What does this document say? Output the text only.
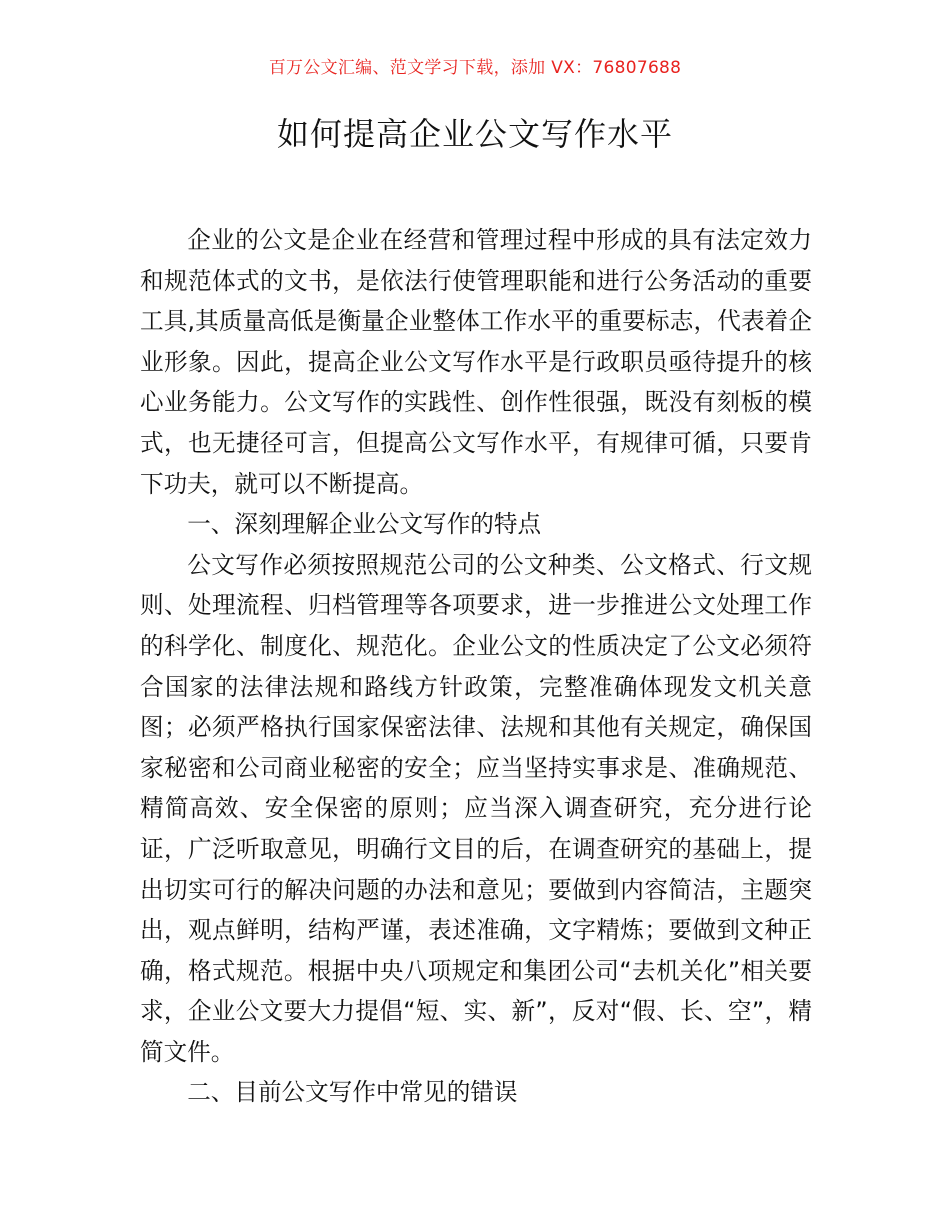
百万公文汇编、范文学习下载，添加 VX：76807688
如何提高企业公文写作水平

企业的公文是企业在经营和管理过程中形成的具有法定效力和规范体式的文书，是依法行使管理职能和进行公务活动的重要工具,其质量高低是衡量企业整体工作水平的重要标志，代表着企业形象。因此，提高企业公文写作水平是行政职员亟待提升的核心业务能力。公文写作的实践性、创作性很强，既没有刻板的模式，也无捷径可言，但提高公文写作水平，有规律可循，只要肯下功夫，就可以不断提高。

一、深刻理解企业公文写作的特点

公文写作必须按照规范公司的公文种类、公文格式、行文规则、处理流程、归档管理等各项要求，进一步推进公文处理工作的科学化、制度化、规范化。企业公文的性质决定了公文必须符合国家的法律法规和路线方针政策，完整准确体现发文机关意图；必须严格执行国家保密法律、法规和其他有关规定，确保国家秘密和公司商业秘密的安全；应当坚持实事求是、准确规范、精简高效、安全保密的原则；应当深入调查研究，充分进行论证，广泛听取意见，明确行文目的后，在调查研究的基础上，提出切实可行的解决问题的办法和意见；要做到内容简洁，主题突出，观点鲜明，结构严谨，表述准确，文字精炼；要做到文种正确，格式规范。根据中央八项规定和集团公司“去机关化”相关要求，企业公文要大力提倡“短、实、新”，反对“假、长、空”，精简文件。

二、目前公文写作中常见的错误
